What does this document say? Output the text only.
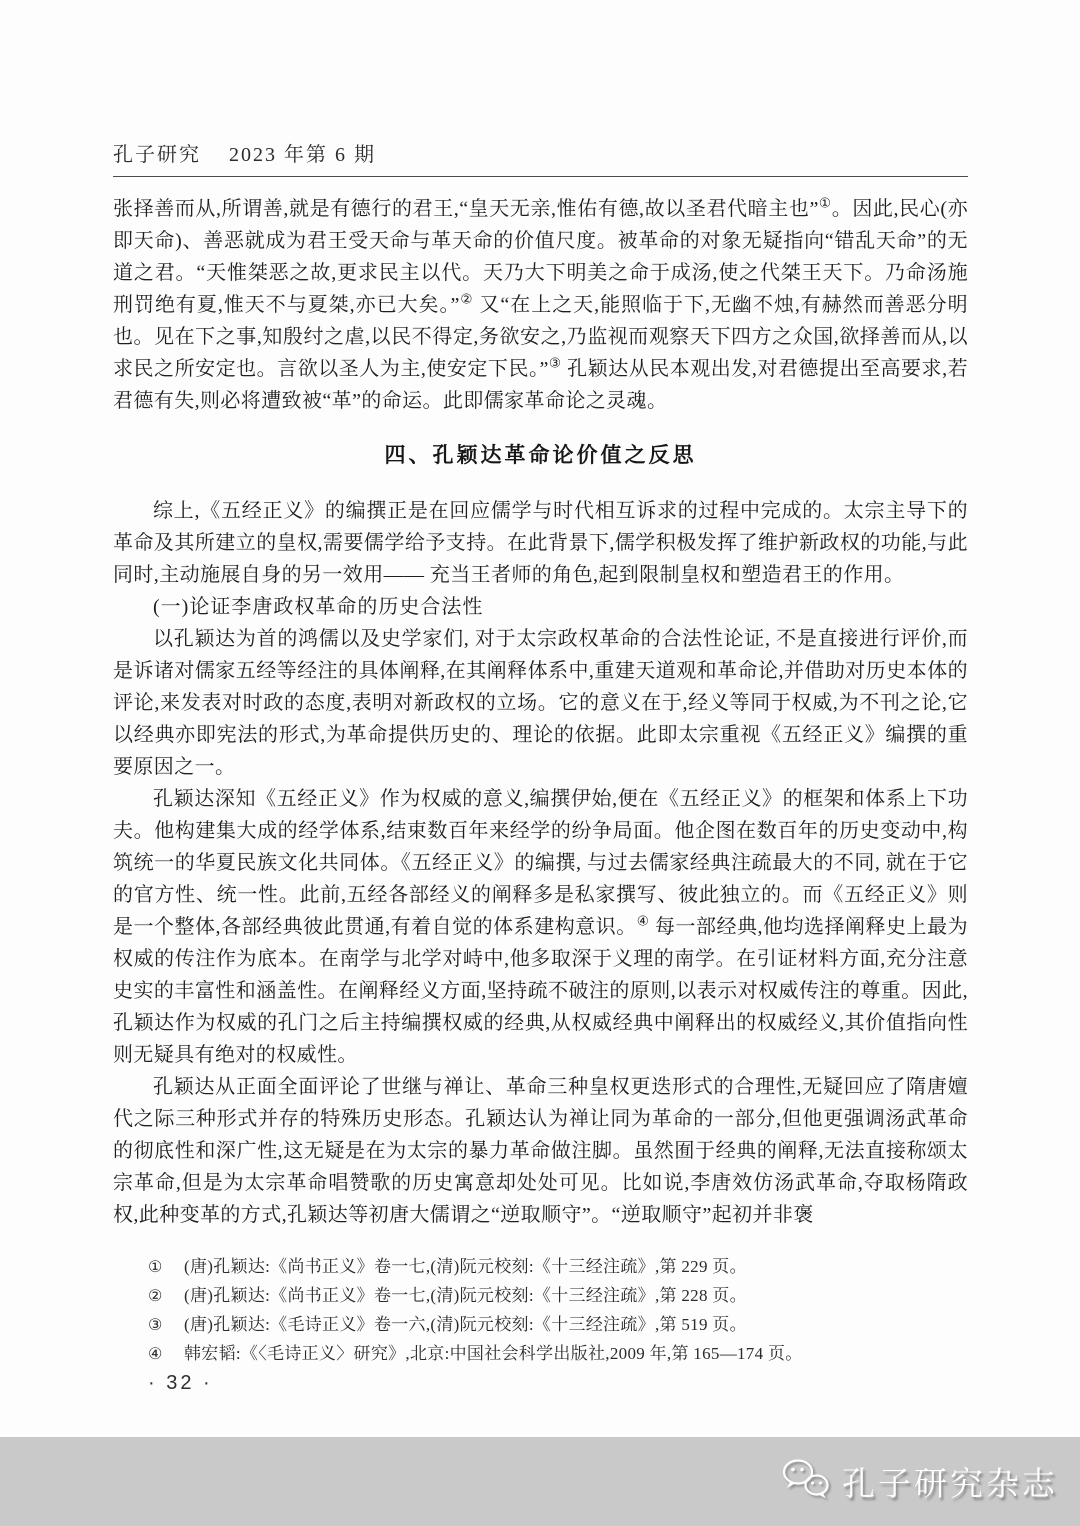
孔子研究 2023 年第 6 期

张择善而从,所谓善,就是有德行的君王,“皇天无亲,惟佑有德,故以圣君代暗主也”①。因此,民心(亦即天命)、善恶就成为君王受天命与革天命的价值尺度。被革命的对象无疑指向“错乱天命”的无道之君。“天惟桀恶之故,更求民主以代。天乃大下明美之命于成汤,使之代桀王天下。乃命汤施刑罚绝有夏,惟天不与夏桀,亦已大矣。”② 又“在上之天,能照临于下,无幽不烛,有赫然而善恶分明也。见在下之事,知殷纣之虐,以民不得定,务欲安之,乃监视而观察天下四方之众国,欲择善而从,以求民之所安定也。言欲以圣人为主,使安定下民。”③ 孔颖达从民本观出发,对君德提出至高要求,若君德有失,则必将遭致被“革”的命运。此即儒家革命论之灵魂。

四、孔颖达革命论价值之反思

综上,《五经正义》的编撰正是在回应儒学与时代相互诉求的过程中完成的。太宗主导下的革命及其所建立的皇权,需要儒学给予支持。在此背景下,儒学积极发挥了维护新政权的功能,与此同时,主动施展自身的另一效用—— 充当王者师的角色,起到限制皇权和塑造君王的作用。

(一)论证李唐政权革命的历史合法性

以孔颖达为首的鸿儒以及史学家们, 对于太宗政权革命的合法性论证, 不是直接进行评价,而是诉诸对儒家五经等经注的具体阐释,在其阐释体系中,重建天道观和革命论,并借助对历史本体的评论,来发表对时政的态度,表明对新政权的立场。它的意义在于,经义等同于权威,为不刊之论,它以经典亦即宪法的形式,为革命提供历史的、理论的依据。此即太宗重视《五经正义》编撰的重要原因之一。

孔颖达深知《五经正义》作为权威的意义,编撰伊始,便在《五经正义》的框架和体系上下功夫。他构建集大成的经学体系,结束数百年来经学的纷争局面。他企图在数百年的历史变动中,构筑统一的华夏民族文化共同体。《五经正义》的编撰, 与过去儒家经典注疏最大的不同, 就在于它的官方性、统一性。此前,五经各部经义的阐释多是私家撰写、彼此独立的。而《五经正义》则是一个整体,各部经典彼此贯通,有着自觉的体系建构意识。④ 每一部经典,他均选择阐释史上最为权威的传注作为底本。在南学与北学对峙中,他多取深于义理的南学。在引证材料方面,充分注意史实的丰富性和涵盖性。在阐释经义方面,坚持疏不破注的原则,以表示对权威传注的尊重。因此,孔颖达作为权威的孔门之后主持编撰权威的经典,从权威经典中阐释出的权威经义,其价值指向性则无疑具有绝对的权威性。

孔颖达从正面全面评论了世继与禅让、革命三种皇权更迭形式的合理性,无疑回应了隋唐嬗代之际三种形式并存的特殊历史形态。孔颖达认为禅让同为革命的一部分,但他更强调汤武革命的彻底性和深广性,这无疑是在为太宗的暴力革命做注脚。虽然囿于经典的阐释,无法直接称颂太宗革命,但是为太宗革命唱赞歌的历史寓意却处处可见。比如说,李唐效仿汤武革命,夺取杨隋政权,此种变革的方式,孔颖达等初唐大儒谓之“逆取顺守”。“逆取顺守”起初并非褒

①	(唐)孔颖达:《尚书正义》卷一七,(清)阮元校刻:《十三经注疏》,第 229 页。
②	(唐)孔颖达:《尚书正义》卷一七,(清)阮元校刻:《十三经注疏》,第 228 页。
③	(唐)孔颖达:《毛诗正义》卷一六,(清)阮元校刻:《十三经注疏》,第 519 页。
④	韩宏韬:《〈毛诗正义〉研究》,北京:中国社会科学出版社,2009 年,第 165—174 页。
· 32 ·
孔子研究杂志
